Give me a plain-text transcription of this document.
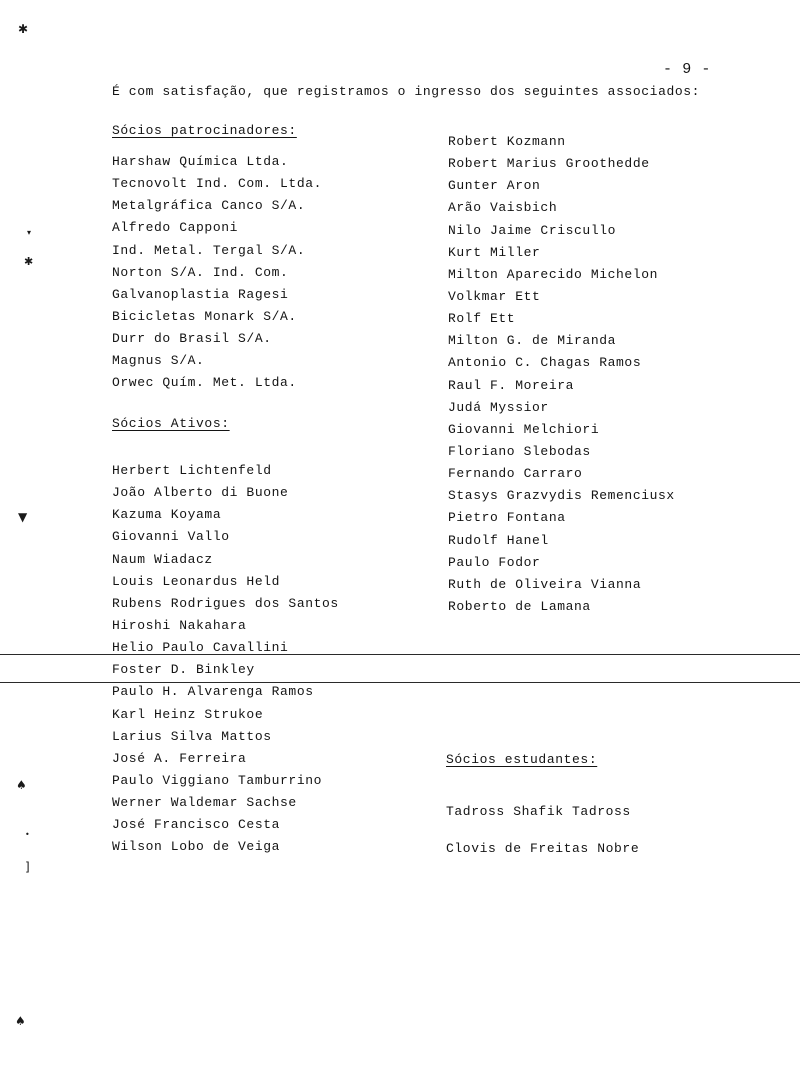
✱
▾
✱
▼
♠
•
]
♠
- 9 -
É com satisfação, que registramos o ingresso dos seguintes associados:
Sócios patrocinadores:
Harshaw Química Ltda.
Tecnovolt Ind. Com. Ltda.
Metalgráfica Canco S/A.
Alfredo Capponi
Ind. Metal. Tergal S/A.
Norton S/A. Ind. Com.
Galvanoplastia Ragesi
Bicicletas Monark S/A.
Durr do Brasil S/A.
Magnus S/A.
Orwec Quím. Met. Ltda.
Sócios Ativos:
Herbert Lichtenfeld
João Alberto di Buone
Kazuma Koyama
Giovanni Vallo
Naum Wiadacz
Louis Leonardus Held
Rubens Rodrigues dos Santos
Hiroshi Nakahara
Helio Paulo Cavallini
Foster D. Binkley
Paulo H. Alvarenga Ramos
Karl Heinz Strukoe
Larius Silva Mattos
José A. Ferreira
Paulo Viggiano Tamburrino
Werner Waldemar Sachse
José Francisco Cesta
Wilson Lobo de Veiga
Robert Kozmann
Robert Marius Groothedde
Gunter Aron
Arão Vaisbich
Nilo Jaime Criscullo
Kurt Miller
Milton Aparecido Michelon
Volkmar Ett
Rolf Ett
Milton G. de Miranda
Antonio C. Chagas Ramos
Raul F. Moreira
Judá Myssior
Giovanni Melchiori
Floriano Slebodas
Fernando Carraro
Stasys Grazvydis Remenciusx
Pietro Fontana
Rudolf Hanel
Paulo Fodor
Ruth de Oliveira Vianna
Roberto de Lamana
Sócios estudantes:
Tadross Shafik Tadross
Clovis de Freitas Nobre
